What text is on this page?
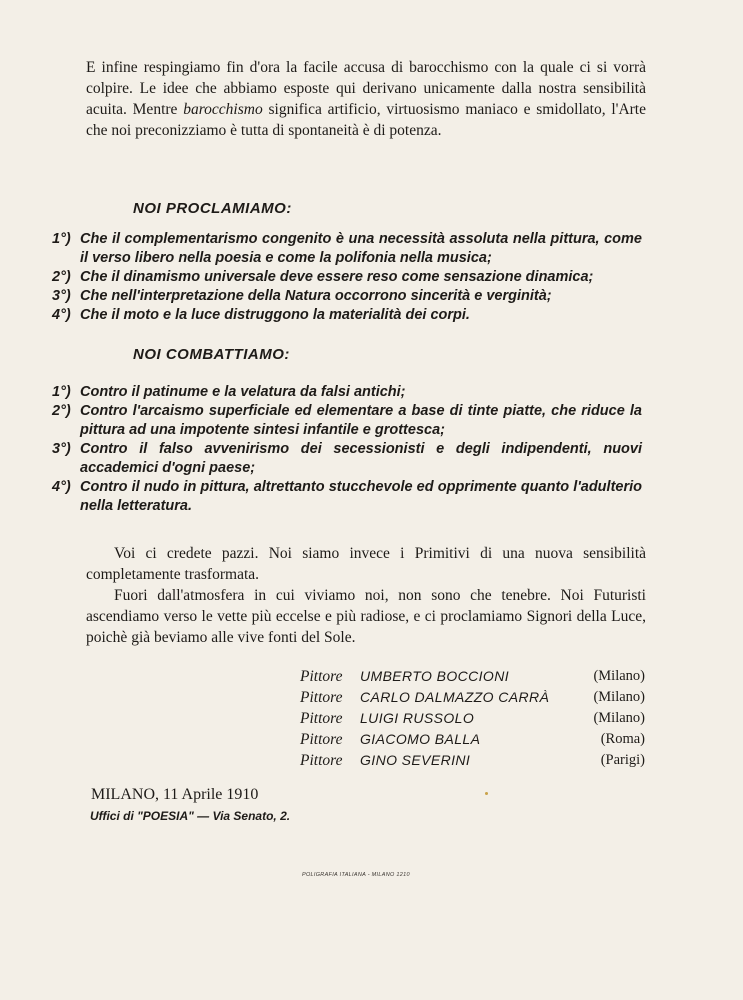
E infine respingiamo fin d'ora la facile accusa di barocchismo con la quale ci si vorrà colpire. Le idee che abbiamo esposte qui derivano unicamente dalla nostra sensibilità acuita. Mentre barocchismo significa artificio, virtuosismo maniaco e smidollato, l'Arte che noi preconizziamo è tutta di spontaneità è di potenza.
NOI PROCLAMIAMO:
1°) Che il complementarismo congenito è una necessità assoluta nella pittura, come il verso libero nella poesia e come la polifonia nella musica;
2°) Che il dinamismo universale deve essere reso come sensazione dinamica;
3°) Che nell'interpretazione della Natura occorrono sincerità e verginità;
4°) Che il moto e la luce distruggono la materialità dei corpi.
NOI COMBATTIAMO:
1°) Contro il patinume e la velatura da falsi antichi;
2°) Contro l'arcaismo superficiale ed elementare a base di tinte piatte, che riduce la pittura ad una impotente sintesi infantile e grottesca;
3°) Contro il falso avvenirismo dei secessionisti e degli indipendenti, nuovi accademici d'ogni paese;
4°) Contro il nudo in pittura, altrettanto stucchevole ed opprimente quanto l'adulterio nella letteratura.

Voi ci credete pazzi. Noi siamo invece i Primitivi di una nuova sensibilità completamente trasformata.

Fuori dall'atmosfera in cui viviamo noi, non sono che tenebre. Noi Futuristi ascendiamo verso le vette più eccelse e più radiose, e ci proclamiamo Signori della Luce, poichè già beviamo alle vive fonti del Sole.

Pittore	UMBERTO BOCCIONI	(Milano)
Pittore	CARLO DALMAZZO CARRÀ	(Milano)
Pittore	LUIGI RUSSOLO	(Milano)
Pittore	GIACOMO BALLA	(Roma)
Pittore	GINO SEVERINI	(Parigi)
MILANO, 11 Aprile 1910
Uffici di "POESIA" — Via Senato, 2.
POLIGRAFIA ITALIANA - MILANO 1210
